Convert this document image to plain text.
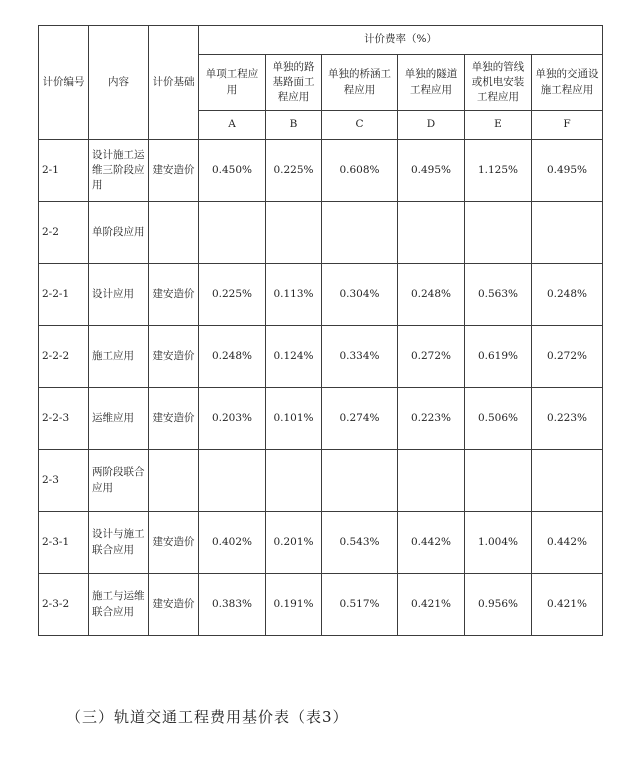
计价编号	内容	计价基础	计价费率（%）					
			单项工程应用	单独的路基路面工程应用	单独的桥涵工程应用	单独的隧道工程应用	单独的管线或机电安装工程应用	单独的交通设施工程应用
			A	B	C	D	E	F
2-1	设计施工运维三阶段应用	建安造价	0.450%	0.225%	0.608%	0.495%	1.125%	0.495%
2-2	单阶段应用							
2-2-1	设计应用	建安造价	0.225%	0.113%	0.304%	0.248%	0.563%	0.248%
2-2-2	施工应用	建安造价	0.248%	0.124%	0.334%	0.272%	0.619%	0.272%
2-2-3	运维应用	建安造价	0.203%	0.101%	0.274%	0.223%	0.506%	0.223%
2-3	两阶段联合应用							
2-3-1	设计与施工联合应用	建安造价	0.402%	0.201%	0.543%	0.442%	1.004%	0.442%
2-3-2	施工与运维联合应用	建安造价	0.383%	0.191%	0.517%	0.421%	0.956%	0.421%
（三）轨道交通工程费用基价表（表3）
